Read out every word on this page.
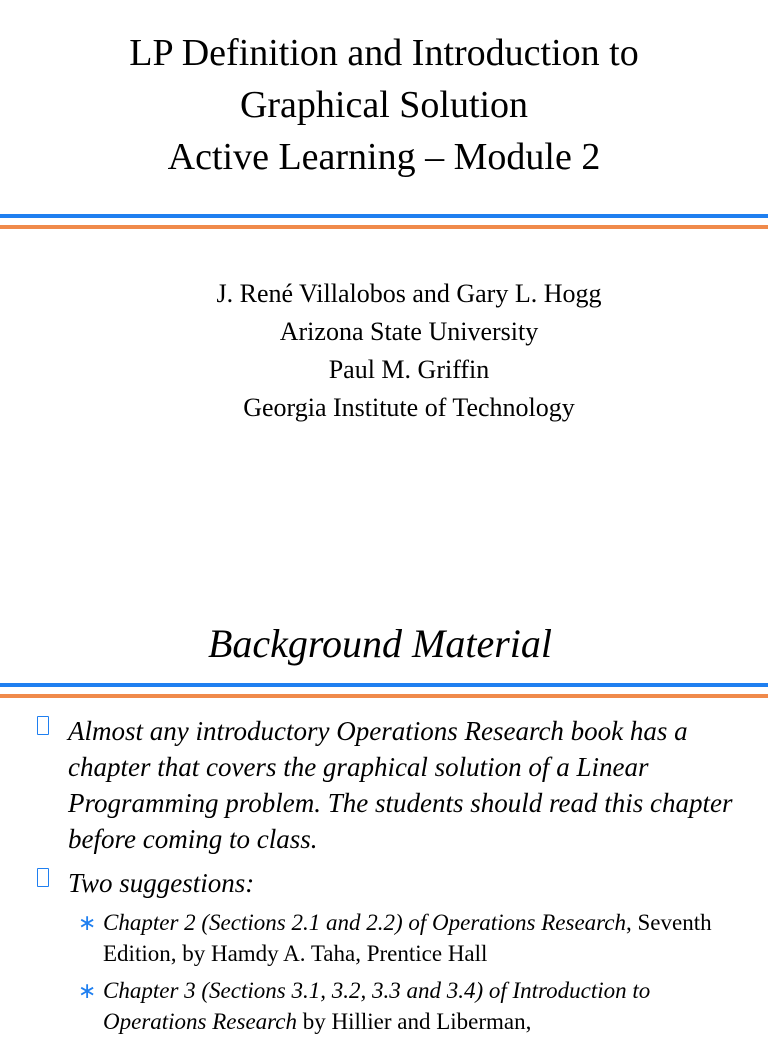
LP Definition and Introduction to
Graphical Solution
Active Learning – Module 2
J. René Villalobos and Gary L. Hogg
Arizona State University
Paul M. Griffin
Georgia Institute of Technology
Background Material
Almost any introductory Operations Research book has a chapter that covers the graphical solution of a Linear Programming problem. The students should read this chapter before coming to class.
Two suggestions:
∗ Chapter 2 (Sections 2.1 and 2.2) of Operations Research, Seventh Edition, by Hamdy A. Taha, Prentice Hall
∗ Chapter 3 (Sections 3.1, 3.2, 3.3 and 3.4) of Introduction to Operations Research by Hillier and Liberman,
